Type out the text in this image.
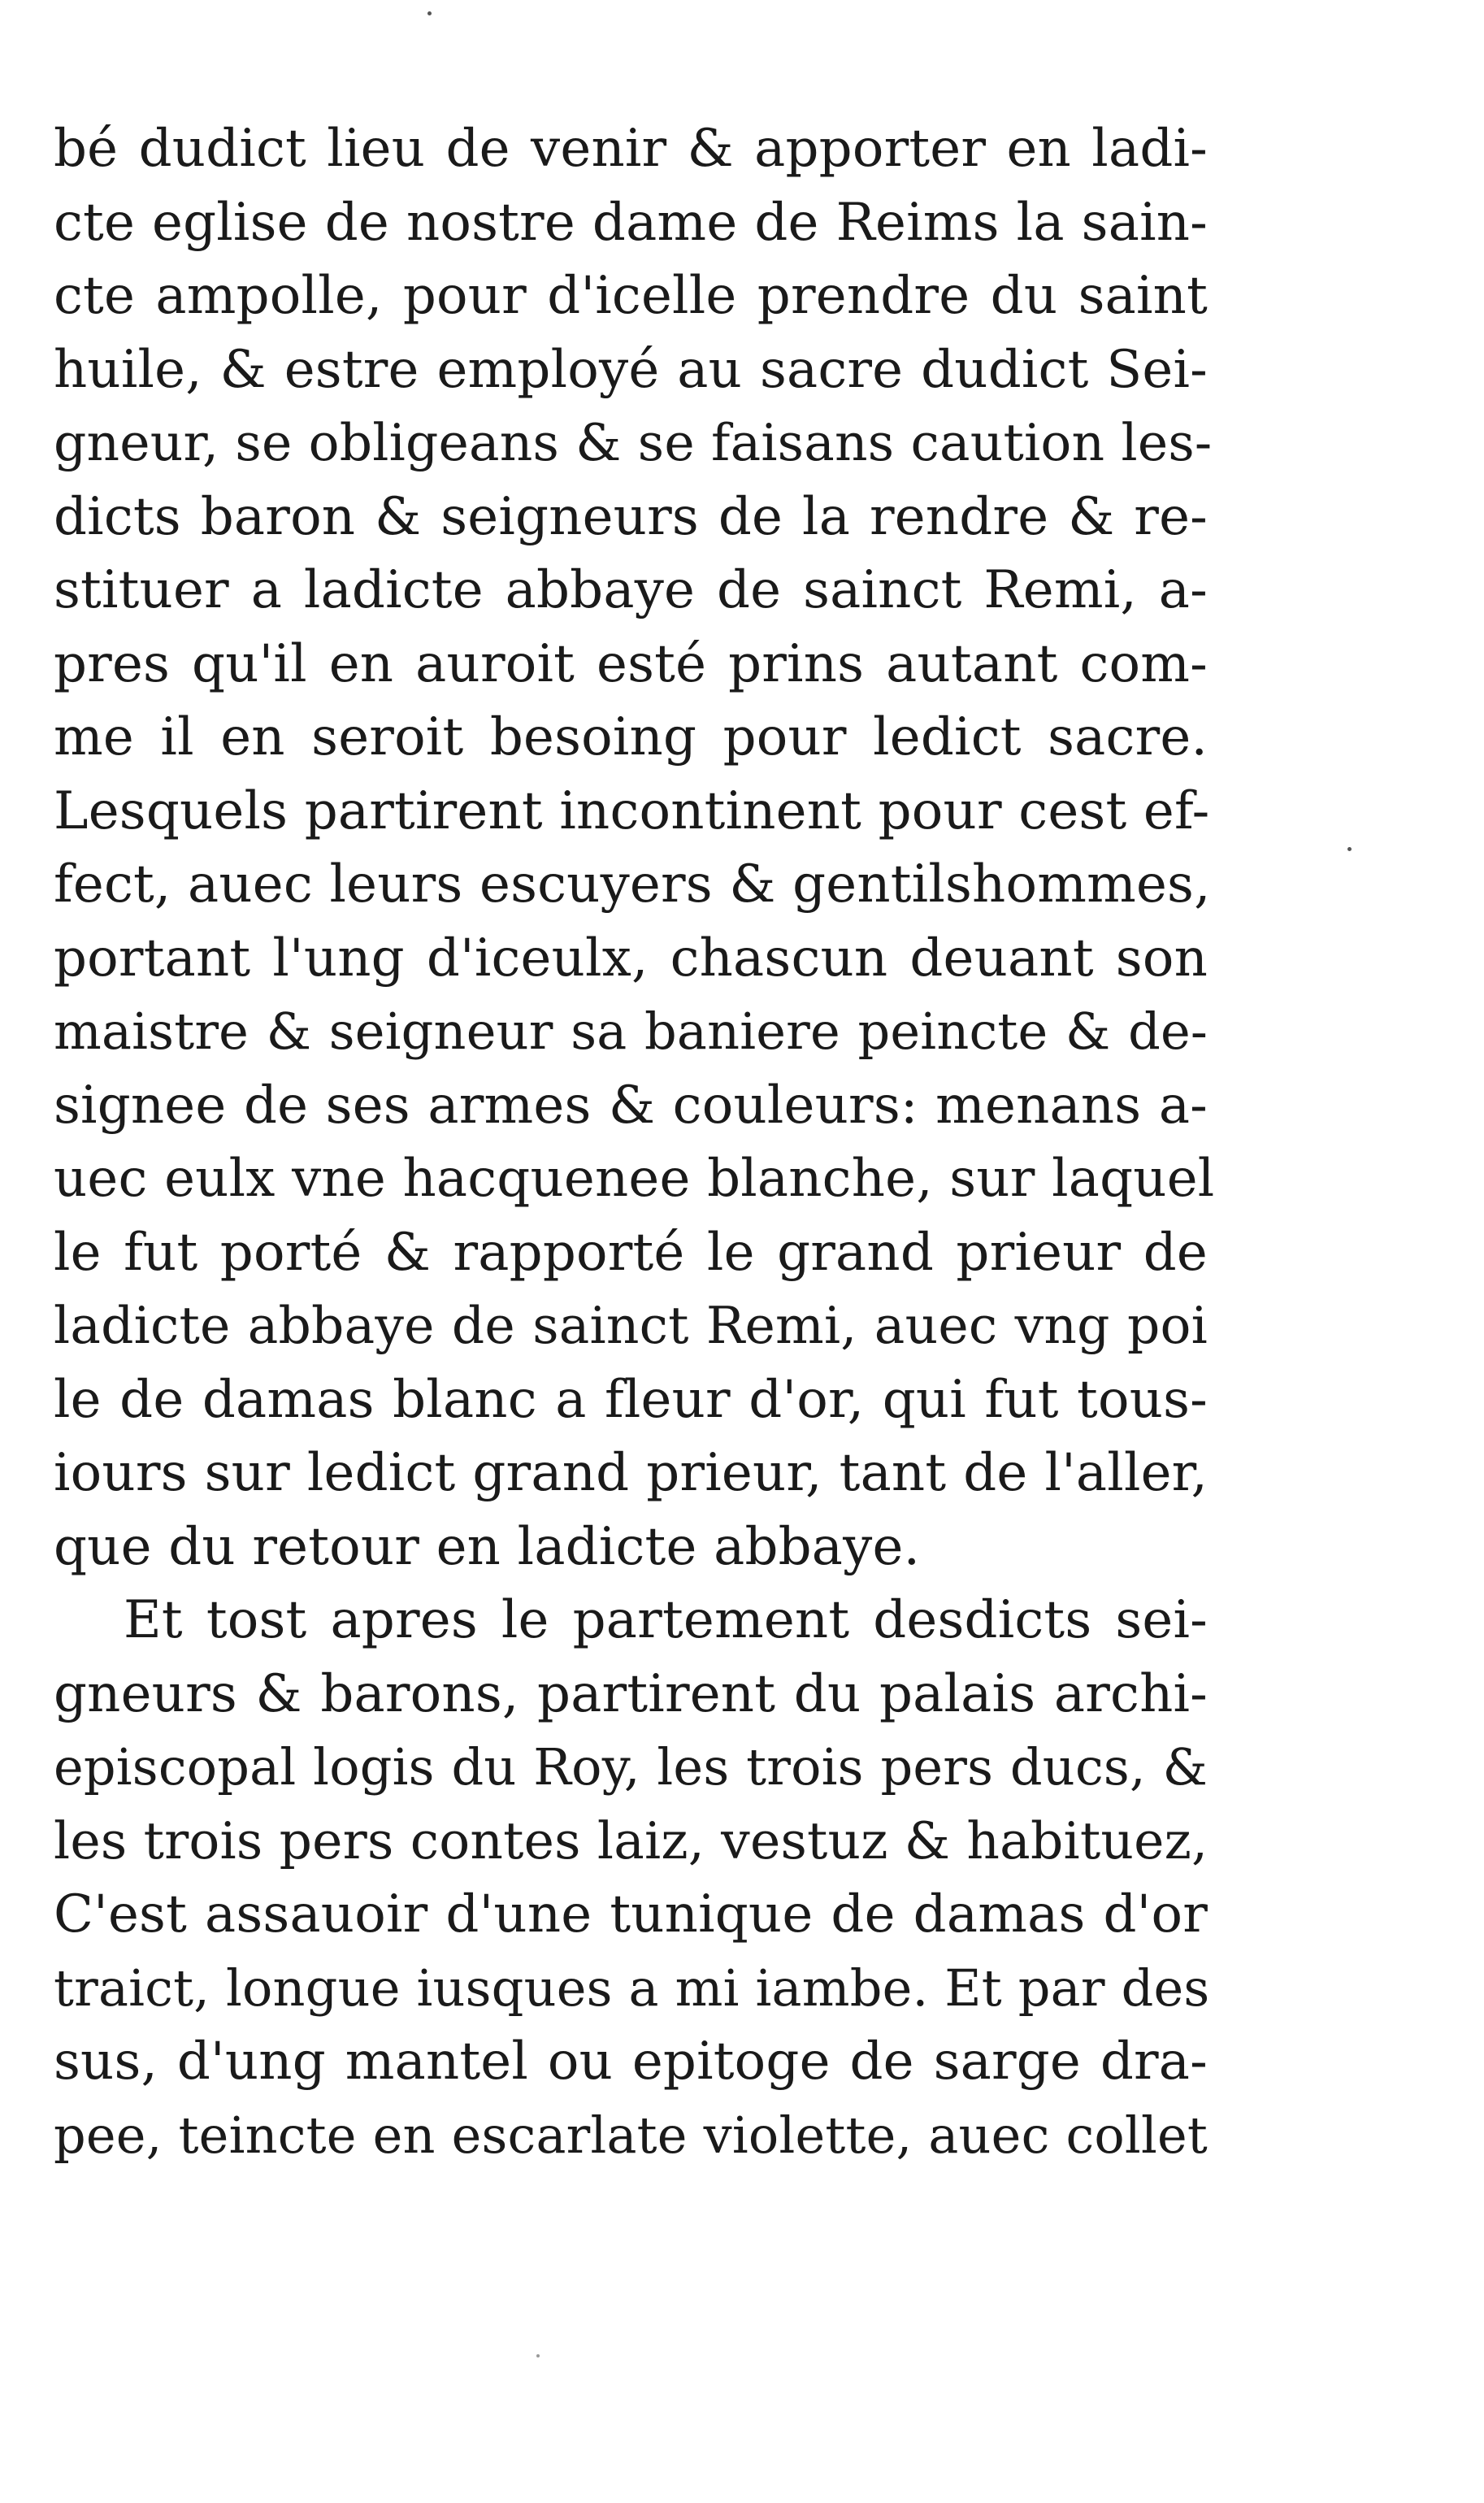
bé dudict lieu de venir & apporter en ladi-
cte eglise de nostre dame de Reims la sain-
cte ampolle, pour d'icelle prendre du saint
huile, & estre employé au sacre dudict Sei-
gneur, se obligeans & se faisans caution les-
dicts baron & seigneurs de la rendre & re-
stituer a ladicte abbaye de sainct Remi, a-
pres qu'il en auroit esté prins autant com-
me il en seroit besoing pour ledict sacre.
Lesquels partirent incontinent pour cest ef-
fect, auec leurs escuyers & gentilshommes,
portant l'ung d'iceulx, chascun deuant son
maistre & seigneur sa baniere peincte & de-
signee de ses armes & couleurs: menans a-
uec eulx vne hacquenee blanche, sur laquel
le fut porté & rapporté le grand prieur de
ladicte abbaye de sainct Remi, auec vng poi
le de damas blanc a fleur d'or, qui fut tous-
iours sur ledict grand prieur, tant de l'aller,
que du retour en ladicte abbaye.
Et tost apres le partement desdicts sei-
gneurs & barons, partirent du palais archi-
episcopal logis du Roy, les trois pers ducs, &
les trois pers contes laiz, vestuz & habituez,
C'est assauoir d'une tunique de damas d'or
traict, longue iusques a mi iambe. Et par des
sus, d'ung mantel ou epitoge de sarge dra-
pee, teincte en escarlate violette, auec collet
